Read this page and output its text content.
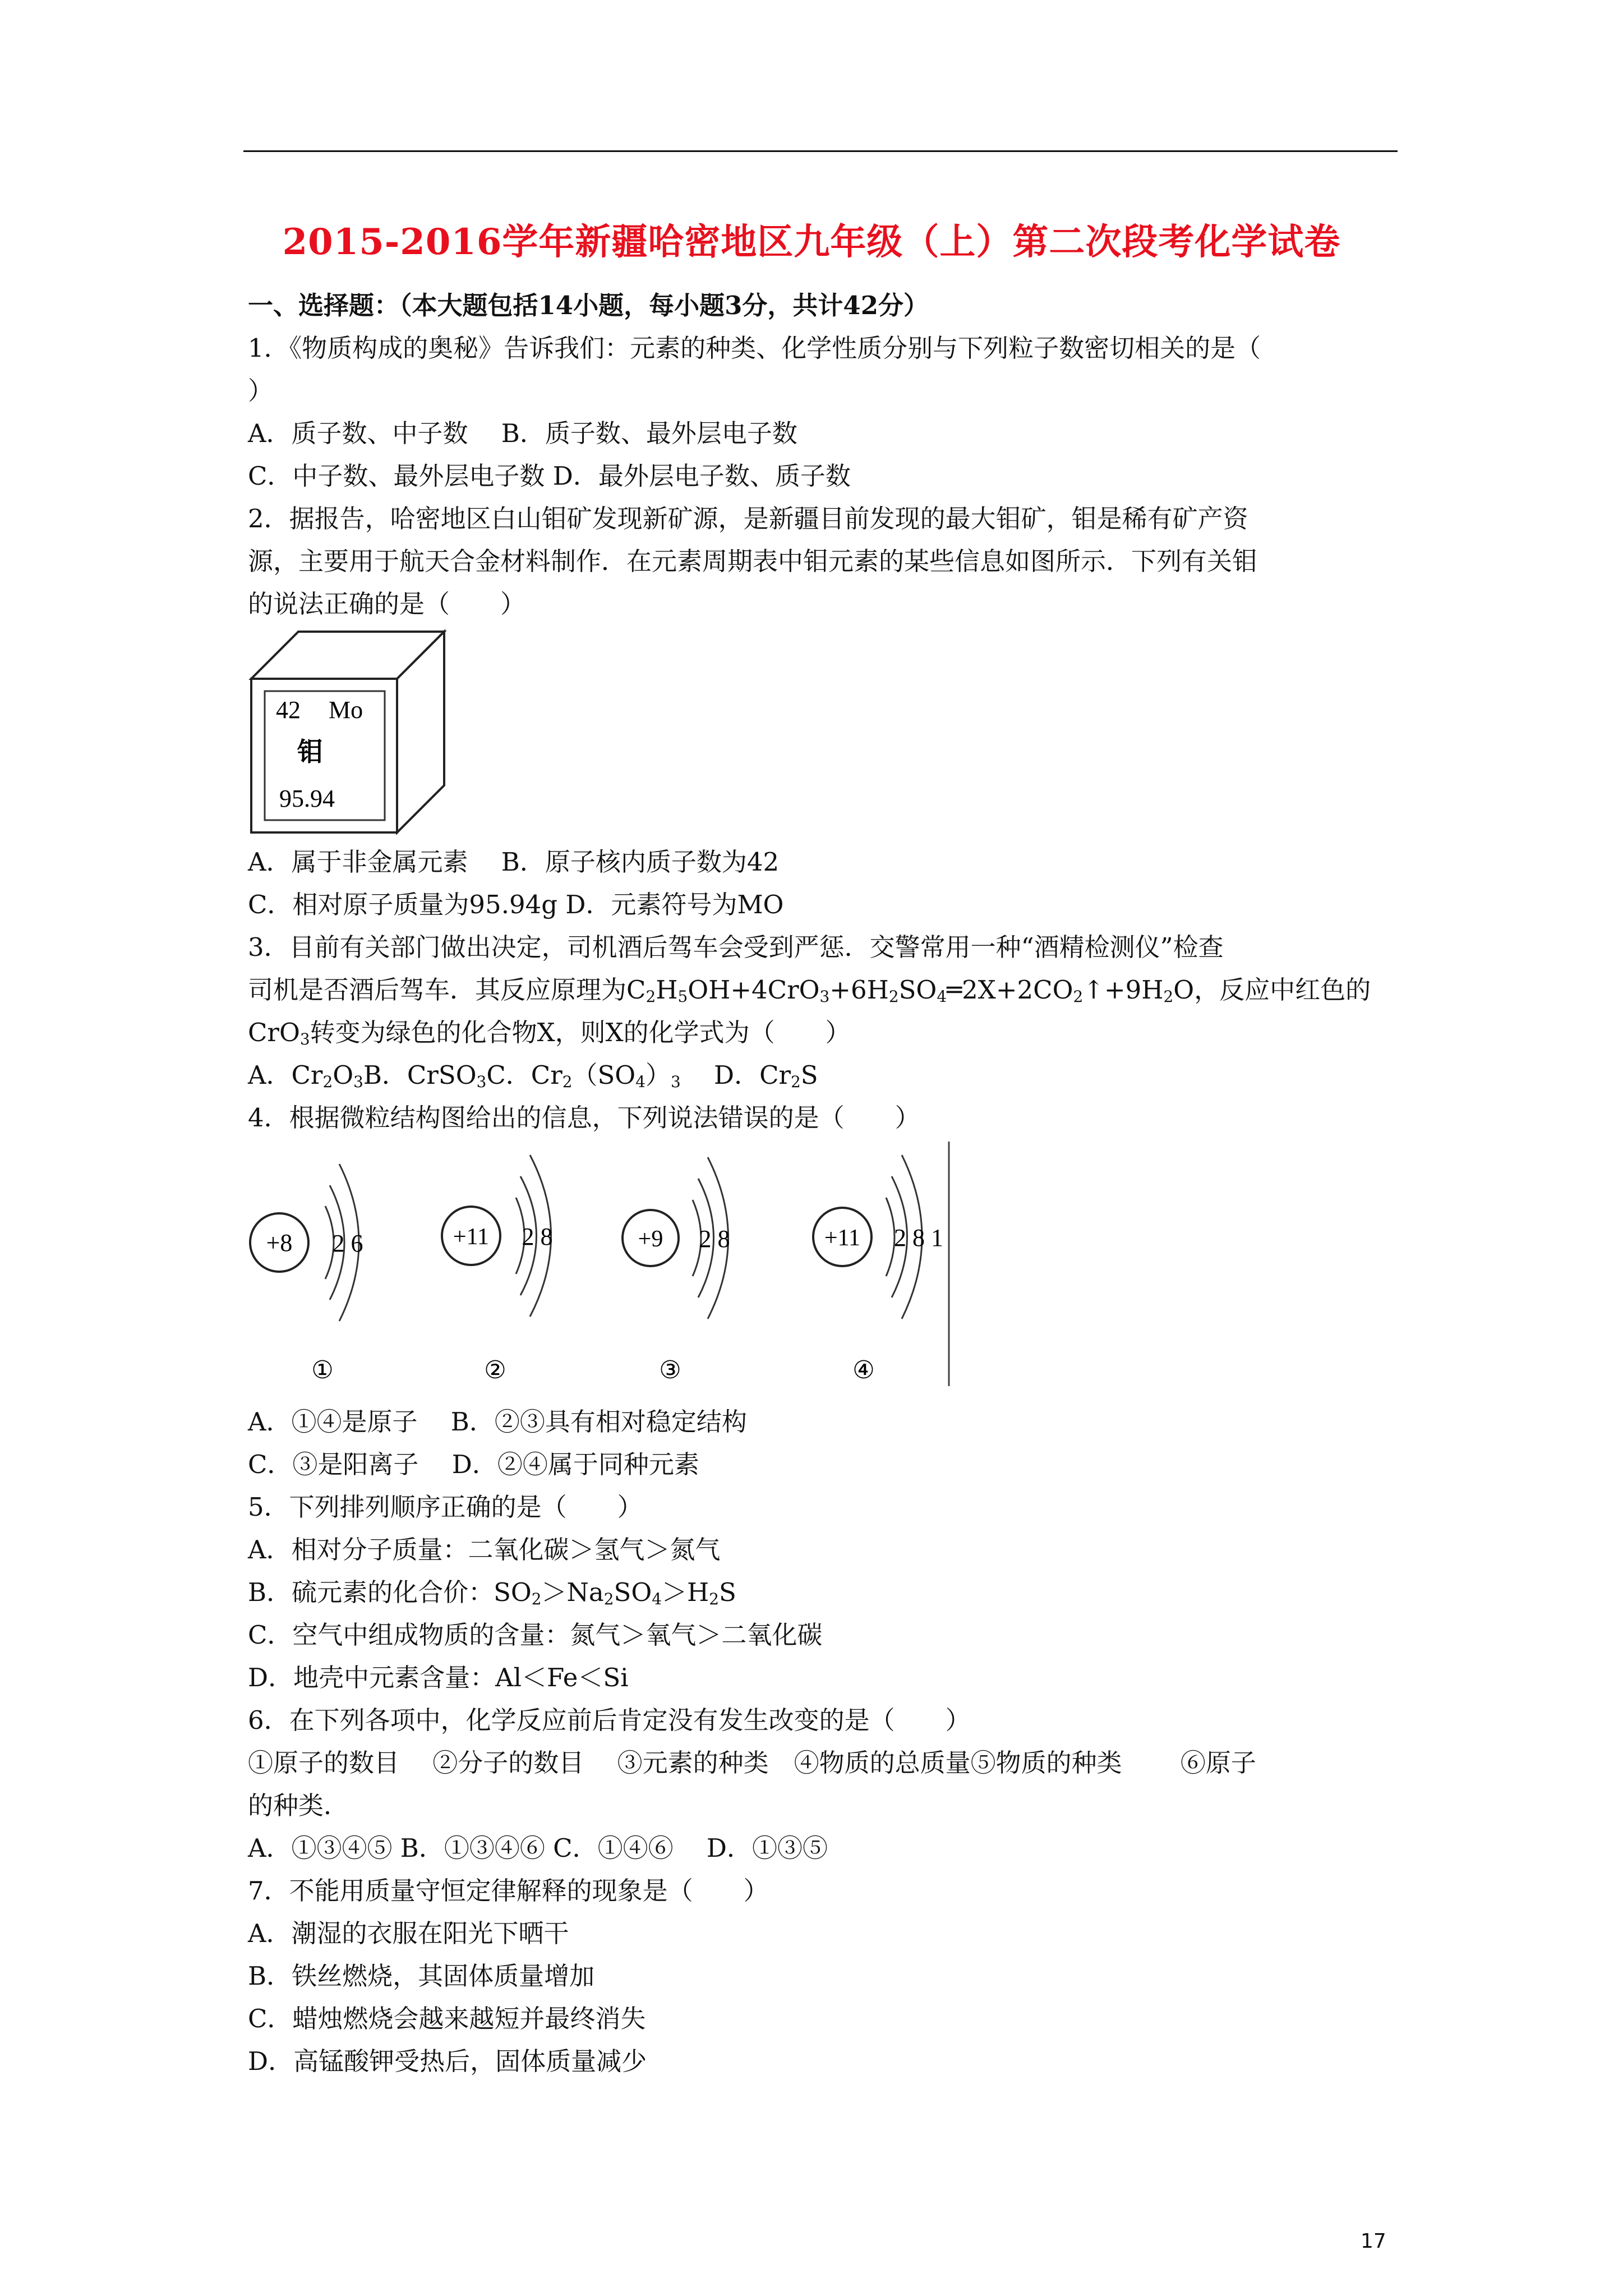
2015-2016学年新疆哈密地区九年级（上）第二次段考化学试卷
一、选择题：（本大题包括14小题，每小题3分，共计42分）
1．《物质构成的奥秘》告诉我们：元素的种类、化学性质分别与下列粒子数密切相关的是（
）
A．质子数、中子数　 B．质子数、最外层电子数
C．中子数、最外层电子数 D．最外层电子数、质子数
2．据报告，哈密地区白山钼矿发现新矿源，是新疆目前发现的最大钼矿，钼是稀有矿产资
源，主要用于航天合金材料制作．在元素周期表中钼元素的某些信息如图所示．下列有关钼
的说法正确的是（　　）
42 Mo
钼
95.94
A．属于非金属元素　 B．原子核内质子数为42
C．相对原子质量为95.94g D．元素符号为MO
3．目前有关部门做出决定，司机酒后驾车会受到严惩．交警常用一种“酒精检测仪”检查
司机是否酒后驾车．其反应原理为$C_2H_5OH+4CrO_3+6H_2SO_4═2X+2CO_2↑+9H_2O$，反应中红色的
CrO$_3$转变为绿色的化合物X，则X的化学式为（　　）
A．$Cr_2O_3B$．CrSO$_3$C．$Cr_2(SO_4)_3$　 D．$Cr_2S$
4．根据微粒结构图给出的信息，下列说法错误的是（　　）
+8 2 6
①
+11 2 8
②
+9 2 8
③
+11 2 8 1
④
A．①④是原子　 B．②③具有相对稳定结构
C．③是阳离子　 D．②④属于同种元素
5．下列排列顺序正确的是（　　）
A．相对分子质量：二氧化碳＞氢气＞氮气
B．硫元素的化合价：$SO_2>Na_2SO_4>H_2S$
C．空气中组成物质的含量：氮气＞氧气＞二氧化碳
D．地壳中元素含量：Al＜Fe＜Si
6．在下列各项中，化学反应前后肯定没有发生改变的是（　　）
①原子的数目　 ②分子的数目　 ③元素的种类　④物质的总质量⑤物质的种类　　 ⑥原子
的种类．
A．①③④⑤ B．①③④⑥ C．①④⑥　 D．①③⑤
7．不能用质量守恒定律解释的现象是（　　）
A．潮湿的衣服在阳光下晒干
B．铁丝燃烧，其固体质量增加
C．蜡烛燃烧会越来越短并最终消失
D．高锰酸钾受热后，固体质量减少
17
